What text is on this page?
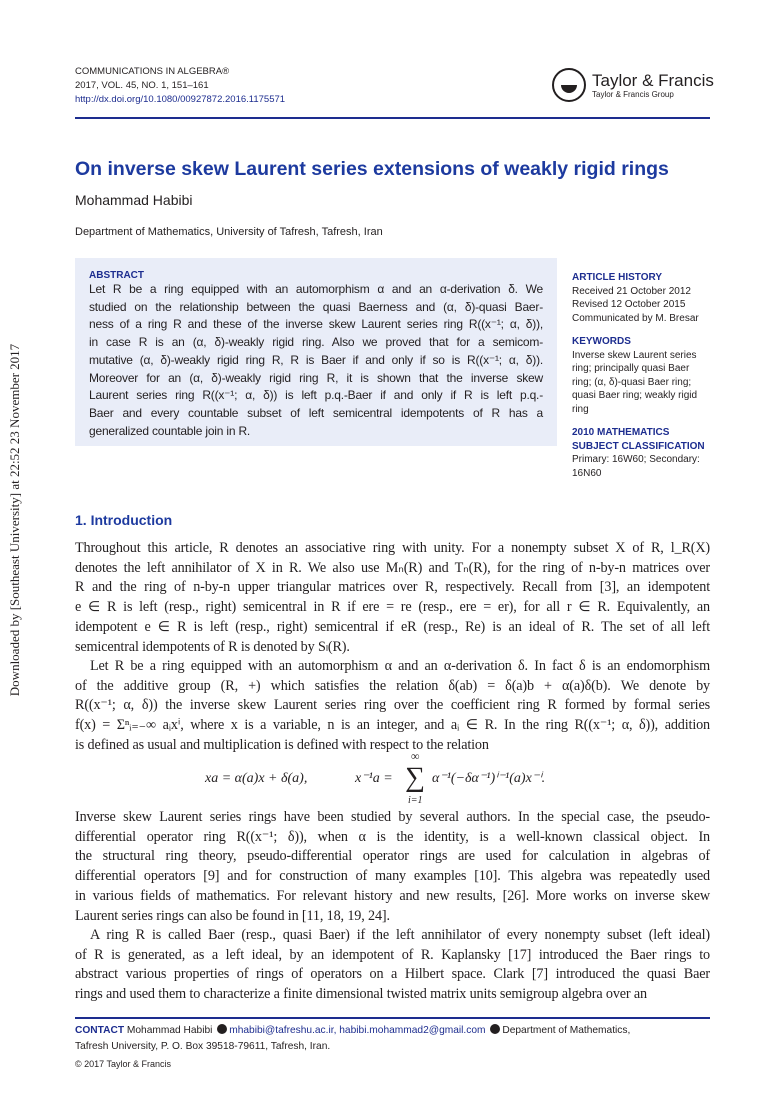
COMMUNICATIONS IN ALGEBRA®
2017, VOL. 45, NO. 1, 151–161
http://dx.doi.org/10.1080/00927872.2016.1175571
Taylor & Francis
Taylor & Francis Group
On inverse skew Laurent series extensions of weakly rigid rings
Mohammad Habibi
Department of Mathematics, University of Tafresh, Tafresh, Iran
ABSTRACT
Let R be a ring equipped with an automorphism α and an α-derivation δ. We
studied on the relationship between the quasi Baerness and (α, δ)-quasi Baer-
ness of a ring R and these of the inverse skew Laurent series ring R((x⁻¹; α, δ)),
in case R is an (α, δ)-weakly rigid ring. Also we proved that for a semicom-
mutative (α, δ)-weakly rigid ring R, R is Baer if and only if so is R((x⁻¹; α, δ)).
Moreover for an (α, δ)-weakly rigid ring R, it is shown that the inverse skew
Laurent series ring R((x⁻¹; α, δ)) is left p.q.-Baer if and only if R is left p.q.-
Baer and every countable subset of left semicentral idempotents of R has a
generalized countable join in R.
ARTICLE HISTORY
Received 21 October 2012
Revised 12 October 2015
Communicated by M. Bresar
KEYWORDS
Inverse skew Laurent series
ring; principally quasi Baer
ring; (α, δ)-quasi Baer ring;
quasi Baer ring; weakly rigid
ring
2010 MATHEMATICS
SUBJECT CLASSIFICATION
Primary: 16W60; Secondary:
16N60
Downloaded by [Southeast University] at 22:52 23 November 2017	1. Introduction
Throughout this article, R denotes an associative ring with unity. For a nonempty subset X of R, l_R(X)
denotes the left annihilator of X in R. We also use Mₙ(R) and Tₙ(R), for the ring of n-by-n matrices over
R and the ring of n-by-n upper triangular matrices over R, respectively. Recall from [3], an idempotent
e ∈ R is left (resp., right) semicentral in R if ere = re (resp., ere = er), for all r ∈ R. Equivalently, an
idempotent e ∈ R is left (resp., right) semicentral if eR (resp., Re) is an ideal of R. The set of all left
semicentral idempotents of R is denoted by Sₗ(R).
Let R be a ring equipped with an automorphism α and an α-derivation δ. In fact δ is an endomorphism
of the additive group (R, +) which satisfies the relation δ(ab) = δ(a)b + α(a)δ(b). We denote by
R((x⁻¹; α, δ)) the inverse skew Laurent series ring over the coefficient ring R formed by formal series
f(x) = Σⁿᵢ₌₋∞ aᵢxⁱ, where x is a variable, n is an integer, and aᵢ ∈ R. In the ring R((x⁻¹; α, δ)), addition
is defined as usual and multiplication is defined with respect to the relation
xa = α(a)x + δ(a),	x⁻¹a =
∞
∑
i=1
α⁻¹(−δα⁻¹)ⁱ⁻¹(a)x⁻ⁱ.
Inverse skew Laurent series rings have been studied by several authors. In the special case, the pseudo-
differential operator ring R((x⁻¹; δ)), when α is the identity, is a well-known classical object. In
the structural ring theory, pseudo-differential operator rings are used for calculation in algebras of
differential operators [9] and for construction of many examples [10]. This algebra was repeatedly used
in various fields of mathematics. For relevant history and new results, [26]. More works on inverse skew
Laurent series rings can also be found in [11, 18, 19, 24].
A ring R is called Baer (resp., quasi Baer) if the left annihilator of every nonempty subset (left ideal)
of R is generated, as a left ideal, by an idempotent of R. Kaplansky [17] introduced the Baer rings to
abstract various properties of rings of operators on a Hilbert space. Clark [7] introduced the quasi Baer
rings and used them to characterize a finite dimensional twisted matrix units semigroup algebra over an
CONTACT Mohammad Habibi mhabibi@tafreshu.ac.ir, habibi.mohammad2@gmail.com Department of Mathematics,
Tafresh University, P. O. Box 39518-79611, Tafresh, Iran.
© 2017 Taylor & Francis
